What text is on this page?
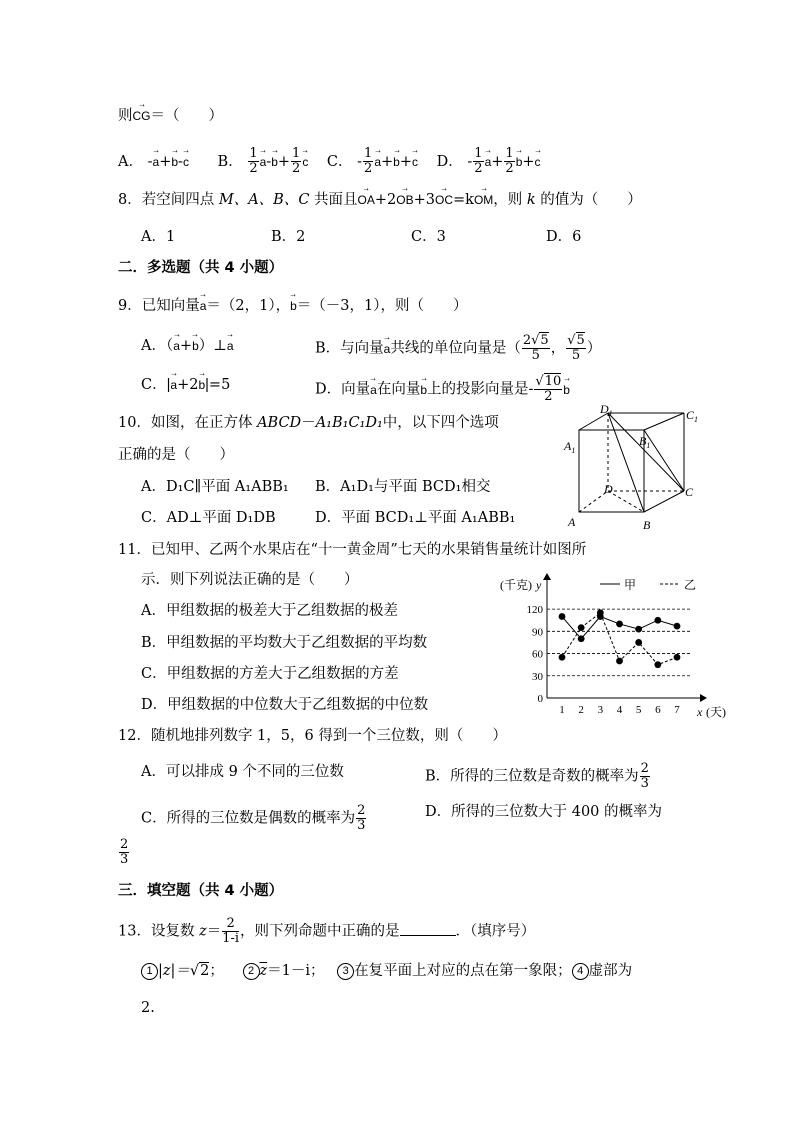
则→ CG＝（　　）
A． -→ a+→ b-→ c B． $\frac{1}{2} \to a-\to b+ \frac{1}{2} \to c$ C． - $\frac{1}{2} \to a+\to b+\to c$ D． - $\frac{1}{2} \to a+ \frac{1}{2} \to b+\to c$
8．若空间四点 M、A、B、C 共面且→ OA+2→ OB+3→ OC=k→ OM，则 k 的值为（　　）
A．1	B．2	C．3	D．6
二．多选题（共 4 小题）
9．已知向量→ a＝（2，1），→ b＝（－3，1），则（　　）
A．（→ a+→ b）⊥→ a	B．与向量→ a共线的单位向量是（ $\frac{2√5}{5}$ ， $\frac{√5}{5}$ ）
C．|→ a+2→ b|=5	D．向量→ a在向量→ b上的投影向量是- $\frac{√10}{2} \to b$
10．如图，在正方体 ABCD－A₁B₁C₁D₁中，以下四个选项
正确的是（　　）
A．D₁C∥平面 A₁ABB₁ B．A₁D₁与平面 BCD₁相交
C．AD⊥平面 D₁DB	D．平面 BCD₁⊥平面 A₁ABB₁
$D_1$	$C_1$
$A_1$
$B_1$
D	C
A	B
11．已知甲、乙两个水果店在“十一黄金周”七天的水果销售量统计如图所
示．则下列说法正确的是（　　）
A．甲组数据的极差大于乙组数据的极差
B．甲组数据的平均数大于乙组数据的平均数
C．甲组数据的方差大于乙组数据的方差
D．甲组数据的中位数大于乙组数据的中位数
(千克) y	甲	乙
0
30
60
90
120
1 2 3 4 5 6 7 x (天)
12．随机地排列数字 1，5，6 得到一个三位数，则（　　）
A．可以排成 9 个不同的三位数	B．所得的三位数是奇数的概率为 $\frac{2}{3}$
C．所得的三位数是偶数的概率为 $\frac{2}{3}$	D．所得的三位数大于 400 的概率为
$\frac{2}{3}$
三．填空题（共 4 小题）
13．设复数 $z= \frac{2}{1-i}$ ，则下列命题中正确的是	．（填序号）
1 |z|＝√2； 2 $\overline{z}=1-i$； 3 在复平面上对应的点在第一象限； 4 虚部为
2.
